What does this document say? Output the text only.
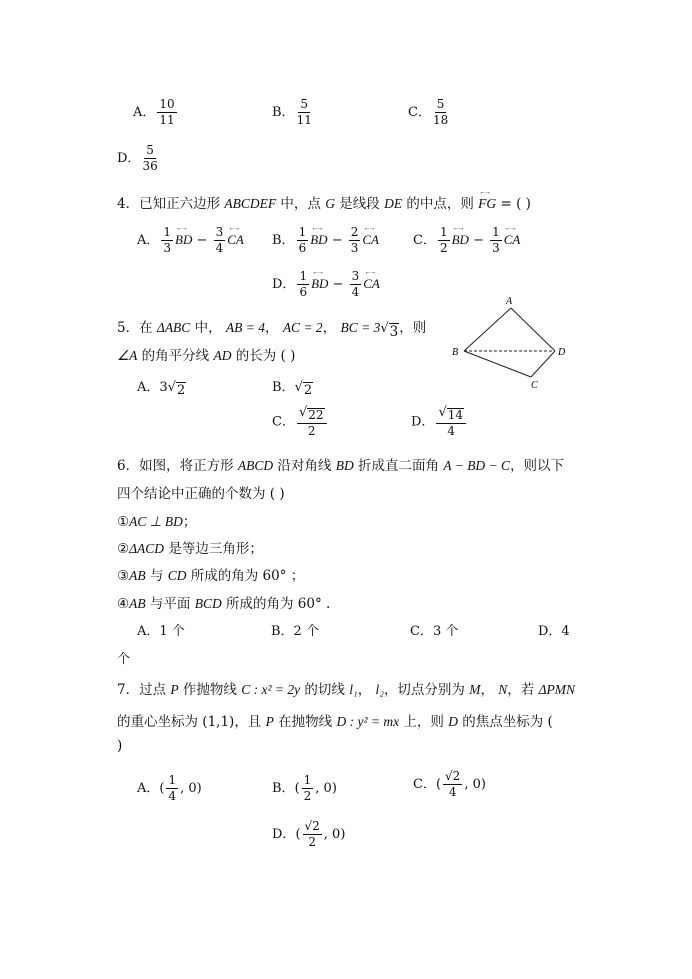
A． $\frac{10}{11}$	B． $\frac{5}{11}$	C． $\frac{5}{18}$
D． $\frac{5}{36}$
4．已知正六边形 ABCDEF 中，点 G 是线段 DE 的中点，则 ←→ FG = ( )
A． $\frac{1}{3}$ ←→ BD − $\frac{3}{4}$ ←→ CA B． $\frac{1}{6}$ ←→ BD − $\frac{2}{3}$ ←→ CA	C． $\frac{1}{2}$ ←→ BD − $\frac{1}{3}$ ←→ CA
D． $\frac{1}{6}$ ←→ BD − $\frac{3}{4}$ ←→ CA
5．在 ΔABC 中， AB = 4， AC = 2， BC = 3 √ 3 ，则
∠A 的角平分线 AD 的长为 ( )
A
B
C
D
A．3 √ 2	B． √ 2
C． $\frac{√ 22}{2}$	D． $\frac{√ 14}{4}$
6．如图，将正方形 ABCD 沿对角线 BD 折成直二面角 A − BD − C，则以下
四个结论中正确的个数为 ( )
①AC ⊥ BD；
②ΔACD 是等边三角形；
③AB 与 CD 所成的角为 60° ；
④AB 与平面 BCD 所成的角为 60° .
A．1 个	B．2 个	C．3 个	D．4
个
7．过点 P 作抛物线 C : x² = 2y 的切线 l₁， l₂，切点分别为 M， N，若 ΔPMN
的重心坐标为 (1,1)，且 P 在抛物线 D : y² = mx 上，则 D 的焦点坐标为 (
)
A．( $\frac{1}{4}$ , 0)	B．( $\frac{1}{2}$ , 0)	C．( $\frac{√2}{4}$ , 0)
D．( $\frac{√2}{2}$ , 0)
